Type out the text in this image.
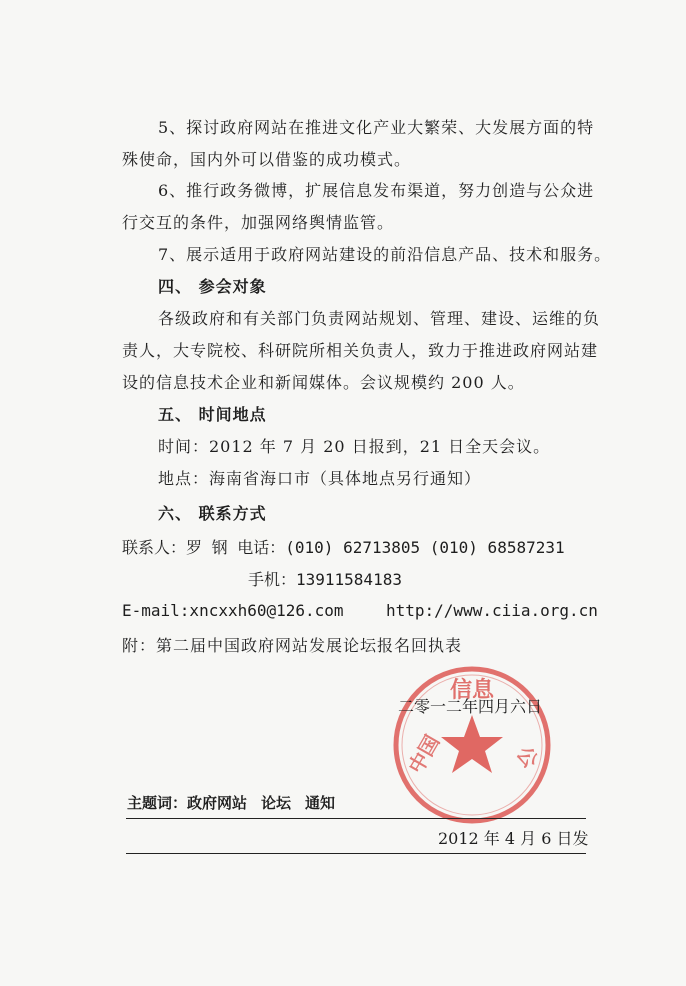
5、探讨政府网站在推进文化产业大繁荣、大发展方面的特
殊使命，国内外可以借鉴的成功模式。
6、推行政务微博，扩展信息发布渠道，努力创造与公众进
行交互的条件，加强网络舆情监管。
7、展示适用于政府网站建设的前沿信息产品、技术和服务。
四、 参会对象
各级政府和有关部门负责网站规划、管理、建设、运维的负
责人，大专院校、科研院所相关负责人，致力于推进政府网站建
设的信息技术企业和新闻媒体。会议规模约 200 人。
五、 时间地点
时间：2012 年 7 月 20 日报到，21 日全天会议。
地点：海南省海口市（具体地点另行通知）
六、 联系方式
联系人：罗 钢 电话：(010) 62713805 (010) 68587231
手机：13911584183
E-mail:xncxxh60@126.com	http://www.ciia.org.cn
附：第二届中国政府网站发展论坛报名回执表
信息
中国	公
二零一二年四月六日
主题词：政府网站 论坛 通知
2012 年 4 月 6 日发
